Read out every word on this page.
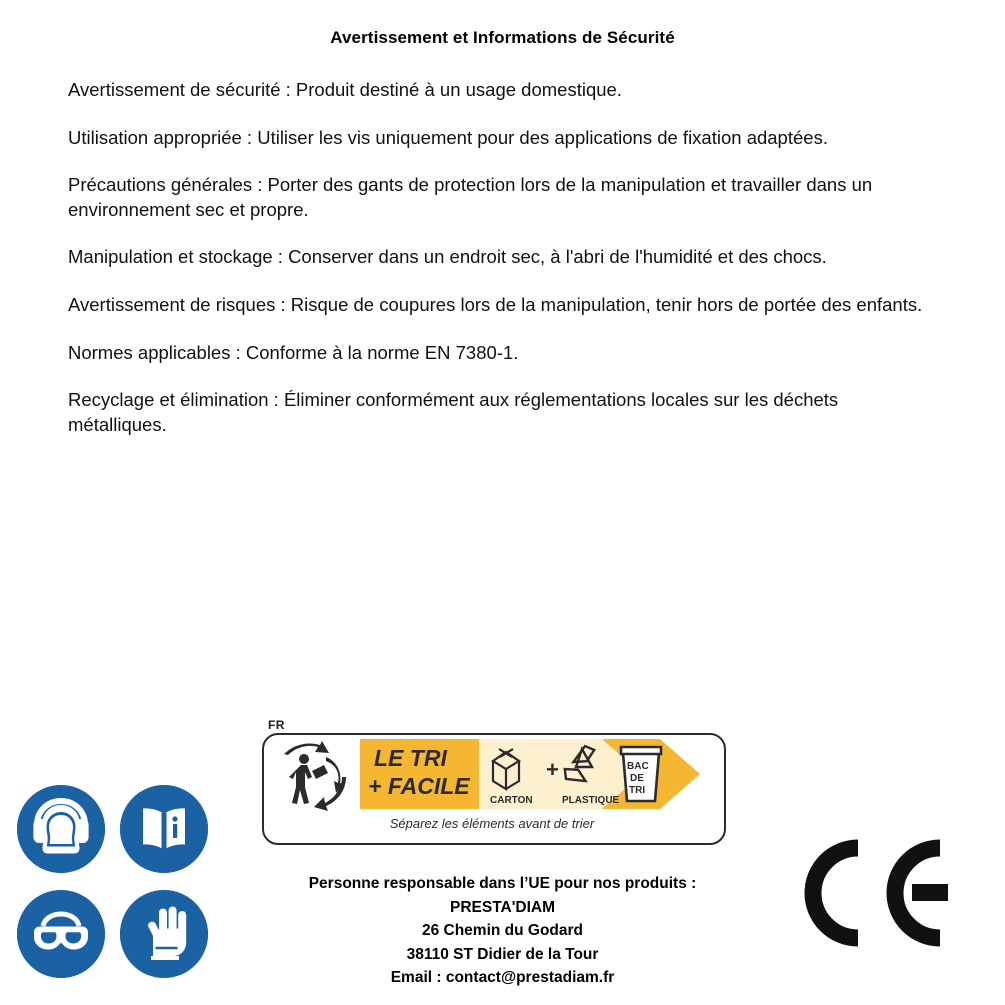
Avertissement et Informations de Sécurité

Avertissement de sécurité : Produit destiné à un usage domestique.

Utilisation appropriée : Utiliser les vis uniquement pour des applications de fixation adaptées.

Précautions générales : Porter des gants de protection lors de la manipulation et travailler dans un environnement sec et propre.

Manipulation et stockage : Conserver dans un endroit sec, à l'abri de l'humidité et des chocs.

Avertissement de risques : Risque de coupures lors de la manipulation, tenir hors de portée des enfants.

Normes applicables : Conforme à la norme EN 7380-1.

Recyclage et élimination : Éliminer conformément aux réglementations locales sur les déchets métalliques.

FR
LE TRI
+ FACILE
CARTON
+
PLASTIQUE
BAC
DE
TRI
Séparez les éléments avant de trier
Personne responsable dans l’UE pour nos produits :
PRESTA'DIAM
26 Chemin du Godard
38110 ST Didier de la Tour
Email : contact@prestadiam.fr
